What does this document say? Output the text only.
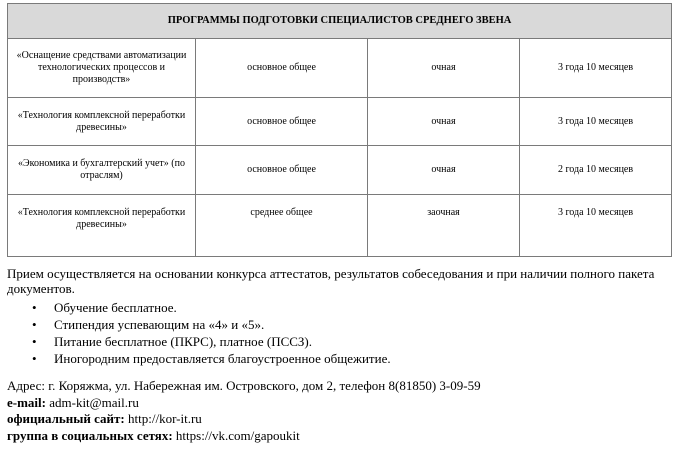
ПРОГРАММЫ ПОДГОТОВКИ СПЕЦИАЛИСТОВ СРЕДНЕГО ЗВЕНА			
«Оснащение средствами автоматизации технологических процессов и производств»	основное общее	очная	3 года 10 месяцев
«Технология комплексной переработки древесины»	основное общее	очная	3 года 10 месяцев
«Экономика и бухгалтерский учет» (по отраслям)	основное общее	очная	2 года 10 месяцев
«Технология комплексной переработки древесины»	среднее общее	заочная	3 года 10 месяцев

Прием осуществляется на основании конкурса аттестатов, результатов собеседования и при наличии полного пакета документов.

• Обучение бесплатное.
• Стипендия успевающим на «4» и «5».
• Питание бесплатное (ПКРС), платное (ПССЗ).
• Иногородним предоставляется благоустроенное общежитие.
Адрес: г. Коряжма, ул. Набережная им. Островского, дом 2, телефон 8(81850) 3-09-59
e-mail: adm-kit@mail.ru
официальный сайт: http://kor-it.ru
группа в социальных сетях: https://vk.com/gapoukit
